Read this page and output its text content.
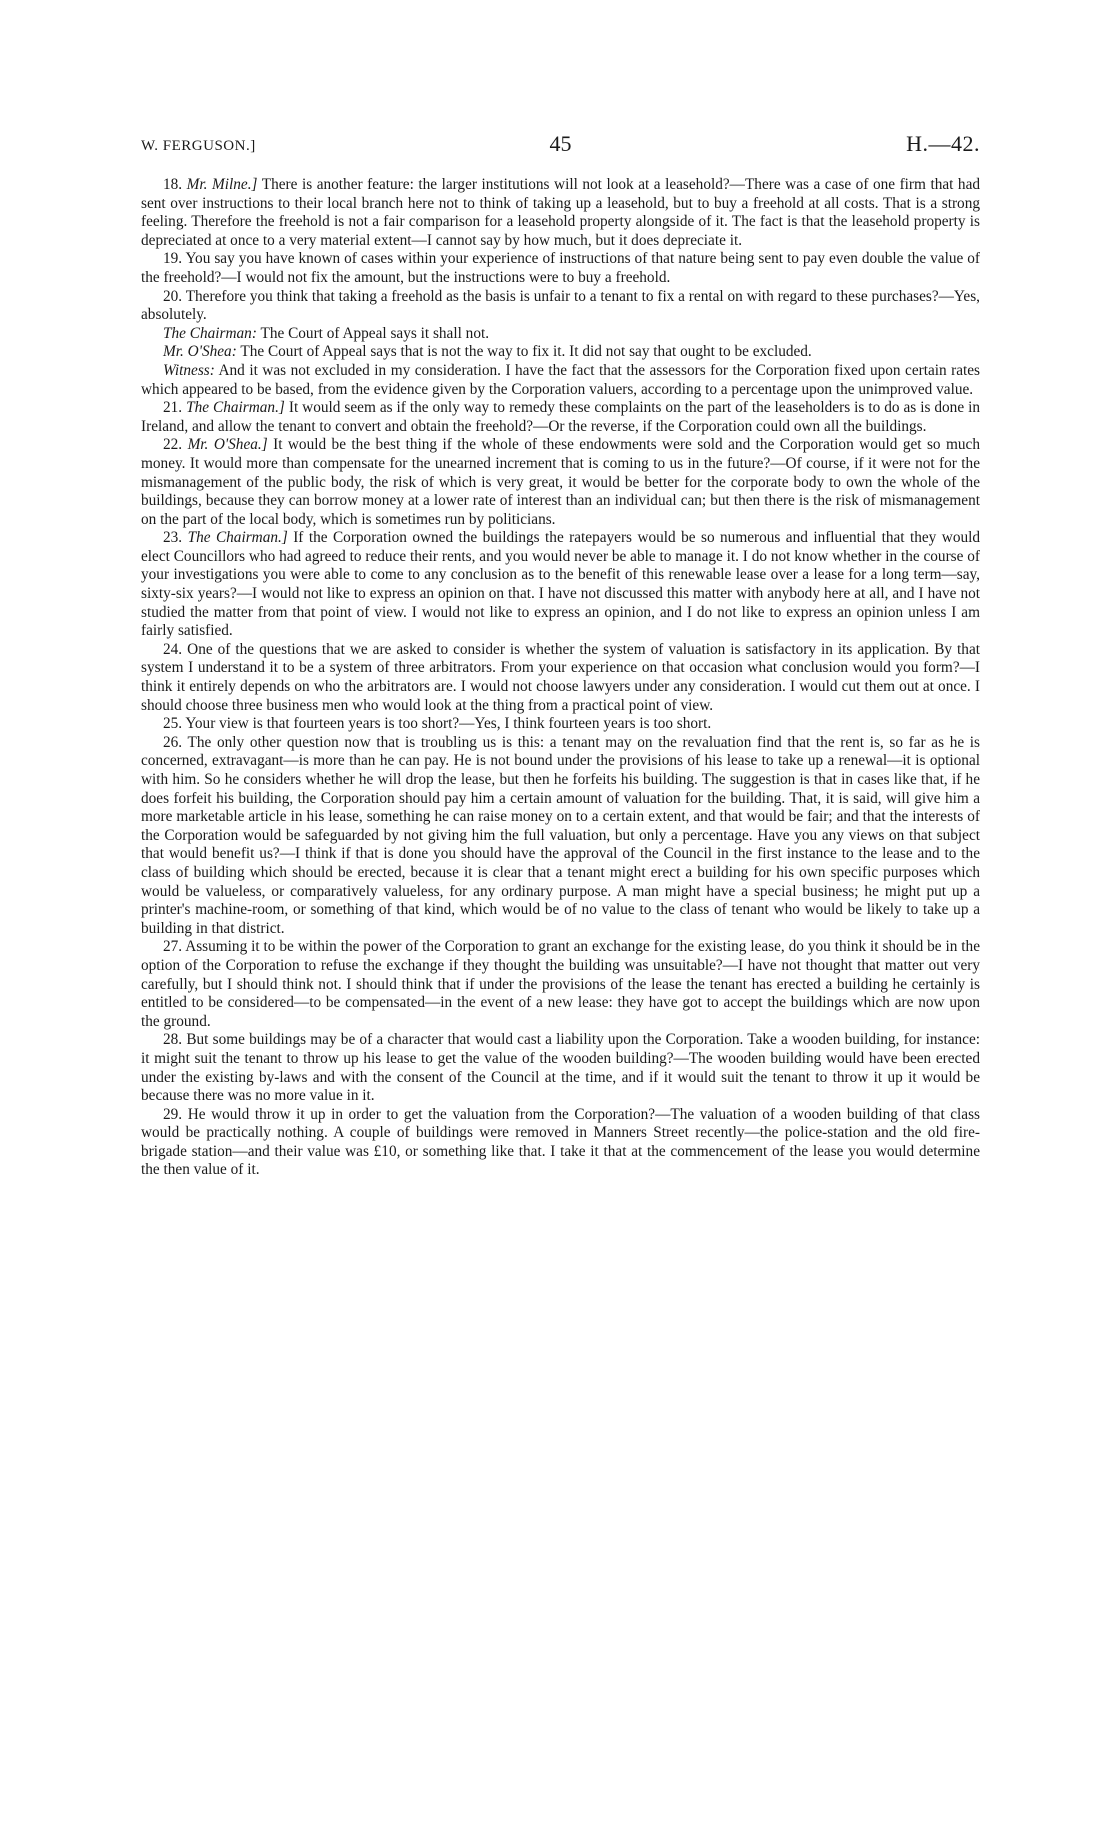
W. FERGUSON.]	45	H.—42.

18. Mr. Milne.] There is another feature: the larger institutions will not look at a leasehold?—There was a case of one firm that had sent over instructions to their local branch here not to think of taking up a leasehold, but to buy a freehold at all costs. That is a strong feeling. Therefore the freehold is not a fair comparison for a leasehold property alongside of it. The fact is that the leasehold property is depreciated at once to a very material extent—I cannot say by how much, but it does depreciate it.

19. You say you have known of cases within your experience of instructions of that nature being sent to pay even double the value of the freehold?—I would not fix the amount, but the instructions were to buy a freehold.

20. Therefore you think that taking a freehold as the basis is unfair to a tenant to fix a rental on with regard to these purchases?—Yes, absolutely.

The Chairman: The Court of Appeal says it shall not.

Mr. O'Shea: The Court of Appeal says that is not the way to fix it. It did not say that ought to be excluded.

Witness: And it was not excluded in my consideration. I have the fact that the assessors for the Corporation fixed upon certain rates which appeared to be based, from the evidence given by the Corporation valuers, according to a percentage upon the unimproved value.

21. The Chairman.] It would seem as if the only way to remedy these complaints on the part of the leaseholders is to do as is done in Ireland, and allow the tenant to convert and obtain the freehold?—Or the reverse, if the Corporation could own all the buildings.

22. Mr. O'Shea.] It would be the best thing if the whole of these endowments were sold and the Corporation would get so much money. It would more than compensate for the unearned increment that is coming to us in the future?—Of course, if it were not for the mismanagement of the public body, the risk of which is very great, it would be better for the corporate body to own the whole of the buildings, because they can borrow money at a lower rate of interest than an individual can; but then there is the risk of mismanagement on the part of the local body, which is sometimes run by politicians.

23. The Chairman.] If the Corporation owned the buildings the ratepayers would be so numerous and influential that they would elect Councillors who had agreed to reduce their rents, and you would never be able to manage it. I do not know whether in the course of your investigations you were able to come to any conclusion as to the benefit of this renewable lease over a lease for a long term—say, sixty-six years?—I would not like to express an opinion on that. I have not discussed this matter with anybody here at all, and I have not studied the matter from that point of view. I would not like to express an opinion, and I do not like to express an opinion unless I am fairly satisfied.

24. One of the questions that we are asked to consider is whether the system of valuation is satisfactory in its application. By that system I understand it to be a system of three arbitrators. From your experience on that occasion what conclusion would you form?—I think it entirely depends on who the arbitrators are. I would not choose lawyers under any consideration. I would cut them out at once. I should choose three business men who would look at the thing from a practical point of view.

25. Your view is that fourteen years is too short?—Yes, I think fourteen years is too short.

26. The only other question now that is troubling us is this: a tenant may on the revaluation find that the rent is, so far as he is concerned, extravagant—is more than he can pay. He is not bound under the provisions of his lease to take up a renewal—it is optional with him. So he considers whether he will drop the lease, but then he forfeits his building. The suggestion is that in cases like that, if he does forfeit his building, the Corporation should pay him a certain amount of valuation for the building. That, it is said, will give him a more marketable article in his lease, something he can raise money on to a certain extent, and that would be fair; and that the interests of the Corporation would be safeguarded by not giving him the full valuation, but only a percentage. Have you any views on that subject that would benefit us?—I think if that is done you should have the approval of the Council in the first instance to the lease and to the class of building which should be erected, because it is clear that a tenant might erect a building for his own specific purposes which would be valueless, or comparatively valueless, for any ordinary purpose. A man might have a special business; he might put up a printer's machine-room, or something of that kind, which would be of no value to the class of tenant who would be likely to take up a building in that district.

27. Assuming it to be within the power of the Corporation to grant an exchange for the existing lease, do you think it should be in the option of the Corporation to refuse the exchange if they thought the building was unsuitable?—I have not thought that matter out very carefully, but I should think not. I should think that if under the provisions of the lease the tenant has erected a building he certainly is entitled to be considered—to be compensated—in the event of a new lease: they have got to accept the buildings which are now upon the ground.

28. But some buildings may be of a character that would cast a liability upon the Corporation. Take a wooden building, for instance: it might suit the tenant to throw up his lease to get the value of the wooden building?—The wooden building would have been erected under the existing by-laws and with the consent of the Council at the time, and if it would suit the tenant to throw it up it would be because there was no more value in it.

29. He would throw it up in order to get the valuation from the Corporation?—The valuation of a wooden building of that class would be practically nothing. A couple of buildings were removed in Manners Street recently—the police-station and the old fire-brigade station—and their value was £10, or something like that. I take it that at the commencement of the lease you would determine the then value of it.
